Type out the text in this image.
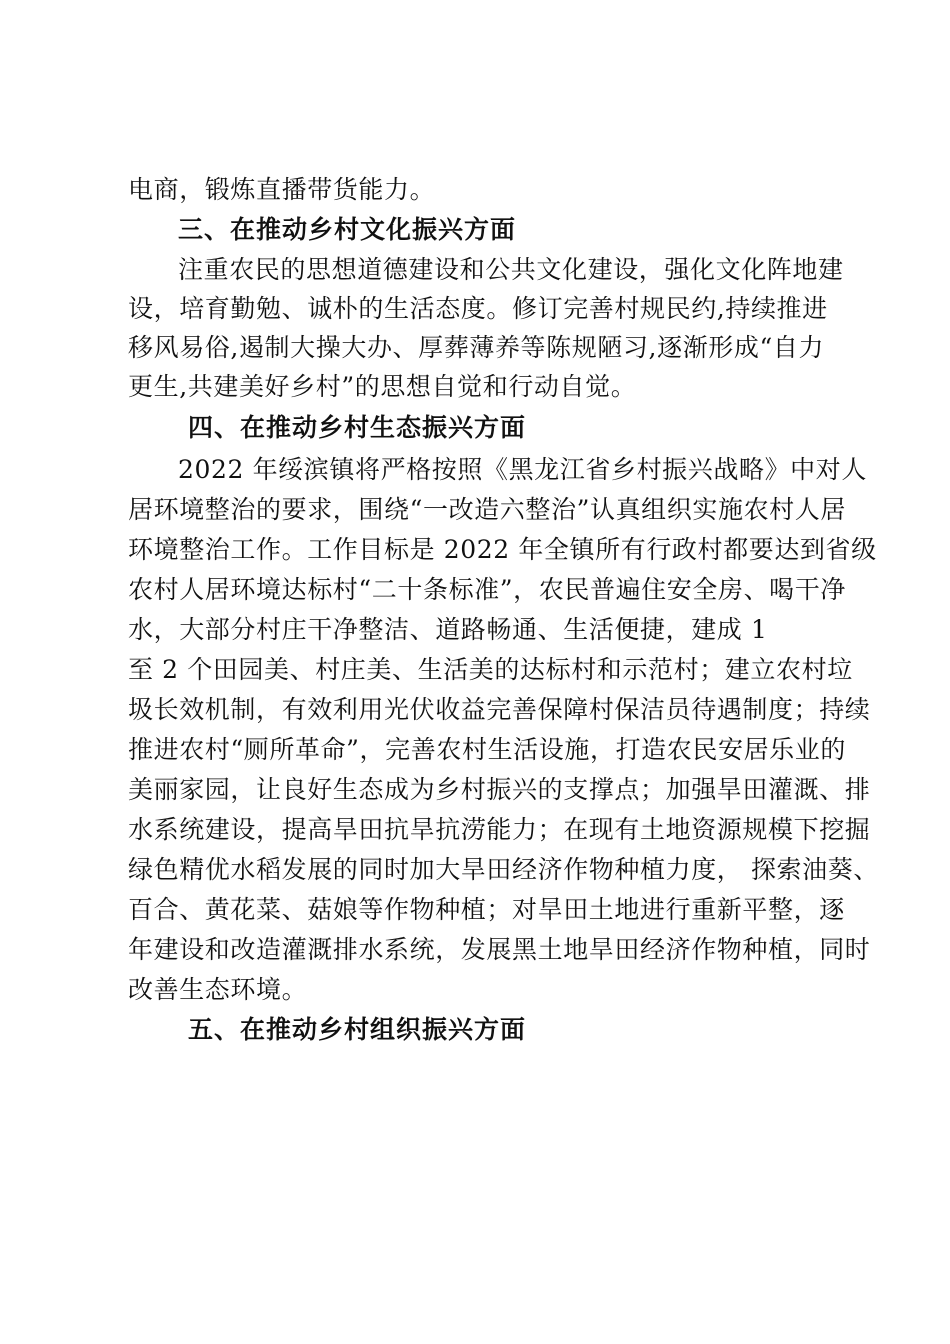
电商，锻炼直播带货能力。
三、在推动乡村文化振兴方面
注重农民的思想道德建设和公共文化建设，强化文化阵地建
设，培育勤勉、诚朴的生活态度。修订完善村规民约,持续推进
移风易俗,遏制大操大办、厚葬薄养等陈规陋习,逐渐形成“自力
更生,共建美好乡村”的思想自觉和行动自觉。
四、在推动乡村生态振兴方面
2022 年绥滨镇将严格按照《黑龙江省乡村振兴战略》中对人
居环境整治的要求，围绕“一改造六整治”认真组织实施农村人居
环境整治工作。工作目标是 2022 年全镇所有行政村都要达到省级
农村人居环境达标村“二十条标准”，农民普遍住安全房、喝干净
水，大部分村庄干净整洁、道路畅通、生活便捷，建成 1
至 2 个田园美、村庄美、生活美的达标村和示范村；建立农村垃
圾长效机制，有效利用光伏收益完善保障村保洁员待遇制度；持续
推进农村“厕所革命”，完善农村生活设施，打造农民安居乐业的
美丽家园，让良好生态成为乡村振兴的支撑点；加强旱田灌溉、排
水系统建设，提高旱田抗旱抗涝能力；在现有土地资源规模下挖掘
绿色精优水稻发展的同时加大旱田经济作物种植力度， 探索油葵、
百合、黄花菜、菇娘等作物种植；对旱田土地进行重新平整，逐
年建设和改造灌溉排水系统，发展黑土地旱田经济作物种植，同时
改善生态环境。
五、在推动乡村组织振兴方面
